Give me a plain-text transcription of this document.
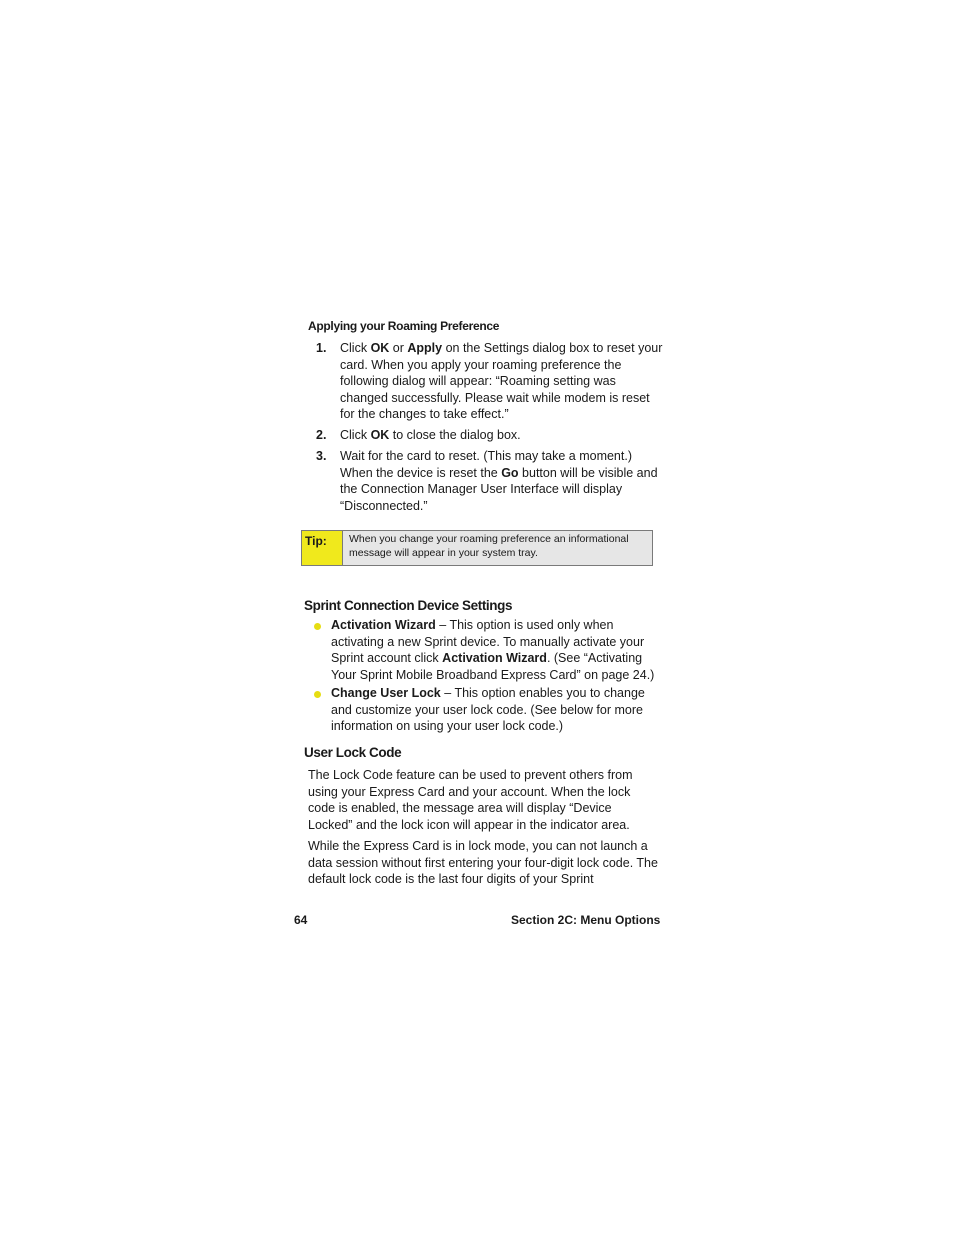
Applying your Roaming Preference
1.	Click OK or Apply on the Settings dialog box to reset your card. When you apply your roaming preference the following dialog will appear: “Roaming setting was changed successfully. Please wait while modem is reset for the changes to take effect.”
2.	Click OK to close the dialog box.
3.	Wait for the card to reset. (This may take a moment.) When the device is reset the Go button will be visible and the Connection Manager User Interface will display “Disconnected.”
Tip:	When you change your roaming preference an informational message will appear in your system tray.
Sprint Connection Device Settings
Activation Wizard – This option is used only when activating a new Sprint device. To manually activate your Sprint account click Activation Wizard. (See “Activating Your Sprint Mobile Broadband Express Card” on page 24.)
Change User Lock – This option enables you to change and customize your user lock code. (See below for more information on using your user lock code.)
User Lock Code
The Lock Code feature can be used to prevent others from using your Express Card and your account. When the lock code is enabled, the message area will display “Device Locked” and the lock icon will appear in the indicator area.
While the Express Card is in lock mode, you can not launch a data session without first entering your four-digit lock code. The default lock code is the last four digits of your Sprint
64	Section 2C: Menu Options
